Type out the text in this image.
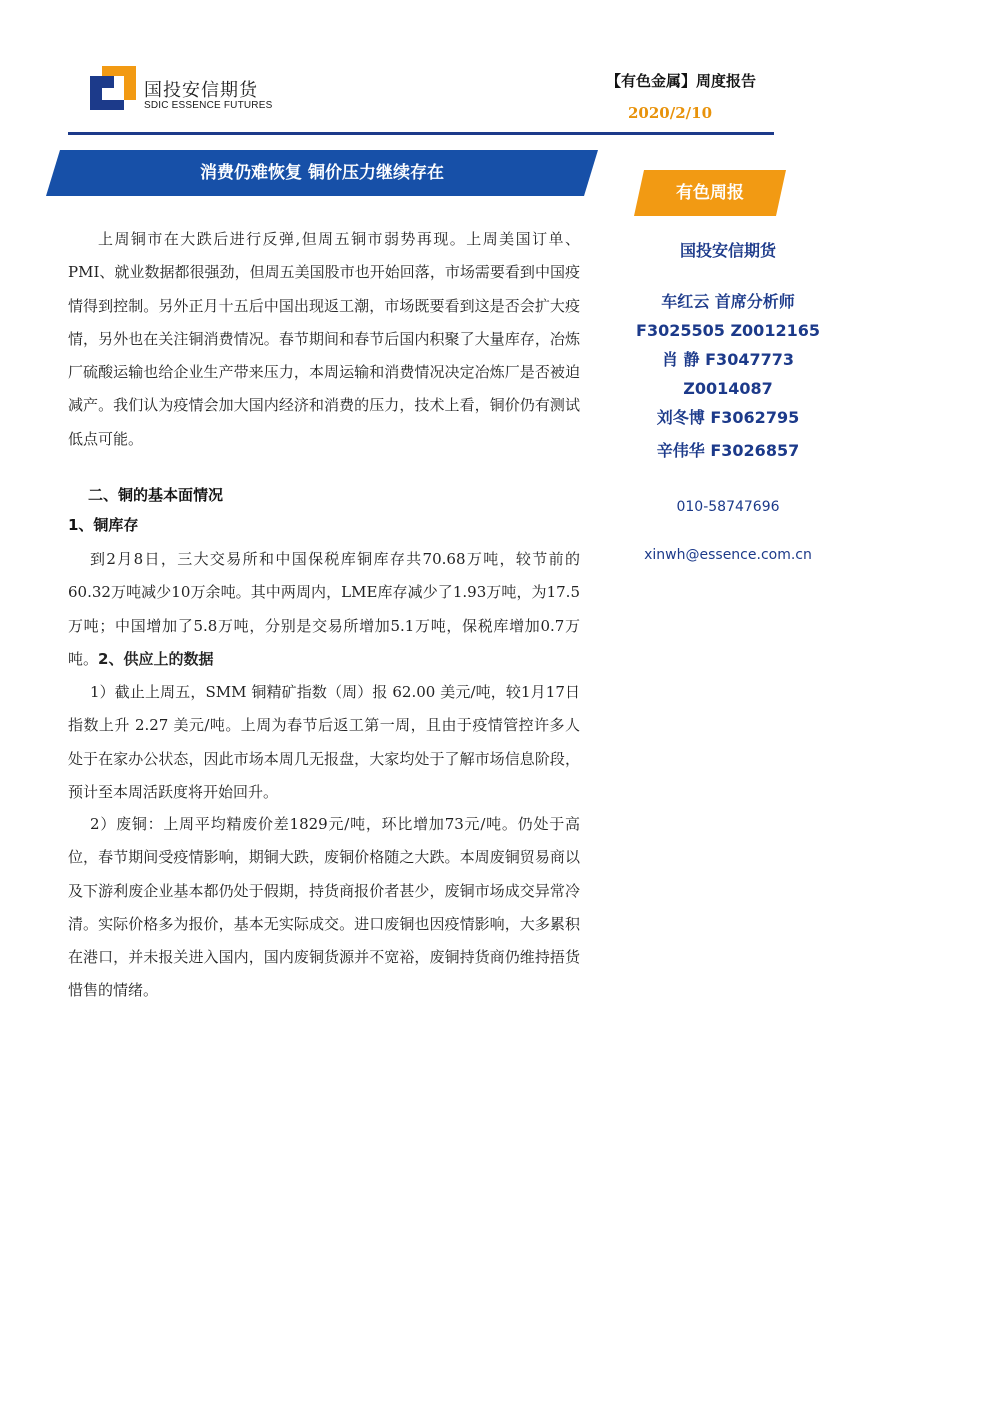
国投安信期货
SDIC ESSENCE FUTURES
【有色金属】周度报告
2020/2/10
消费仍难恢复 铜价压力继续存在
有色周报
国投安信期货
车红云 首席分析师
F3025505 Z0012165
肖 静 F3047773
Z0014087
刘冬博 F3062795
辛伟华 F3026857
010-58747696
xinwh@essence.com.cn
上周铜市在大跌后进行反弹,但周五铜市弱势再现。上周美国订单、PMI、就业数据都很强劲，但周五美国股市也开始回落，市场需要看到中国疫情得到控制。另外正月十五后中国出现返工潮，市场既要看到这是否会扩大疫情，另外也在关注铜消费情况。春节期间和春节后国内积聚了大量库存，冶炼厂硫酸运输也给企业生产带来压力，本周运输和消费情况决定冶炼厂是否被迫减产。我们认为疫情会加大国内经济和消费的压力，技术上看，铜价仍有测试低点可能。
二、铜的基本面情况
1、铜库存
到2月8日，三大交易所和中国保税库铜库存共70.68万吨，较节前的60.32万吨减少10万余吨。其中两周内，LME库存减少了1.93万吨，为17.5万吨；中国增加了5.8万吨，分别是交易所增加5.1万吨，保税库增加0.7万吨。2、供应上的数据
1）截止上周五，SMM 铜精矿指数（周）报 62.00 美元/吨，较1月17日指数上升 2.27 美元/吨。上周为春节后返工第一周，且由于疫情管控许多人处于在家办公状态，因此市场本周几无报盘，大家均处于了解市场信息阶段，预计至本周活跃度将开始回升。
2）废铜：上周平均精废价差1829元/吨，环比增加73元/吨。仍处于高位，春节期间受疫情影响，期铜大跌，废铜价格随之大跌。本周废铜贸易商以及下游利废企业基本都仍处于假期，持货商报价者甚少，废铜市场成交异常冷清。实际价格多为报价，基本无实际成交。进口废铜也因疫情影响，大多累积在港口，并未报关进入国内，国内废铜货源并不宽裕，废铜持货商仍维持捂货惜售的情绪。
